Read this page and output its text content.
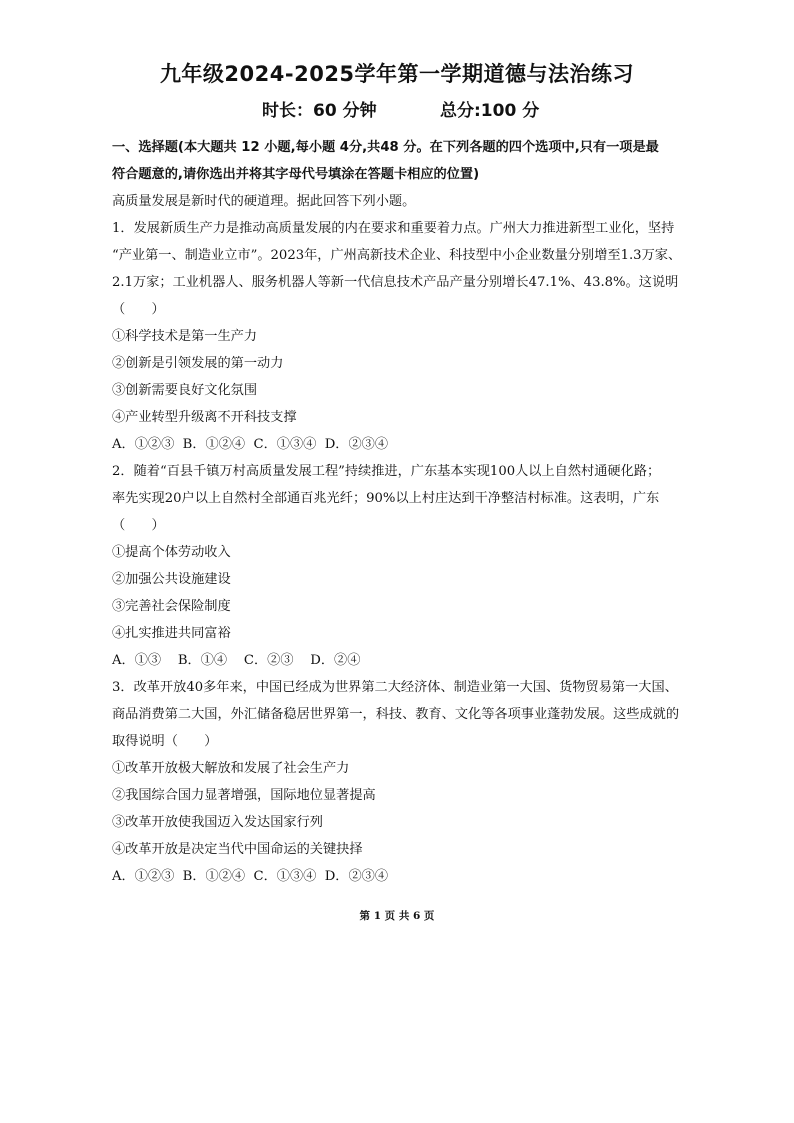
九年级2024-2025学年第一学期道德与法治练习
时长：60 分钟	总分:100 分
一、选择题(本大题共 12 小题,每小题 4分,共48 分。在下列各题的四个选项中,只有一项是最
符合题意的,请你选出并将其字母代号填涂在答题卡相应的位置)
高质量发展是新时代的硬道理。据此回答下列小题。
1．发展新质生产力是推动高质量发展的内在要求和重要着力点。广州大力推进新型工业化，坚持
“产业第一、制造业立市”。2023年，广州高新技术企业、科技型中小企业数量分别增至1.3万家、
2.1万家；工业机器人、服务机器人等新一代信息技术产品产量分别增长47.1%、43.8%。这说明
（　　）
①科学技术是第一生产力
②创新是引领发展的第一动力
③创新需要良好文化氛围
④产业转型升级离不开科技支撑
A．①②③  B．①②④  C．①③④  D．②③④
2．随着“百县千镇万村高质量发展工程”持续推进，广东基本实现100人以上自然村通硬化路；
率先实现20户以上自然村全部通百兆光纤；90%以上村庄达到干净整洁村标准。这表明，广东
（　　）
①提高个体劳动收入
②加强公共设施建设
③完善社会保险制度
④扎实推进共同富裕
A．①③    B．①④    C．②③    D．②④
3．改革开放40多年来，中国已经成为世界第二大经济体、制造业第一大国、货物贸易第一大国、
商品消费第二大国，外汇储备稳居世界第一，科技、教育、文化等各项事业蓬勃发展。这些成就的
取得说明（　　）
①改革开放极大解放和发展了社会生产力
②我国综合国力显著增强，国际地位显著提高
③改革开放使我国迈入发达国家行列
④改革开放是决定当代中国命运的关键抉择
A．①②③  B．①②④  C．①③④  D．②③④
第 1 页 共 6 页
